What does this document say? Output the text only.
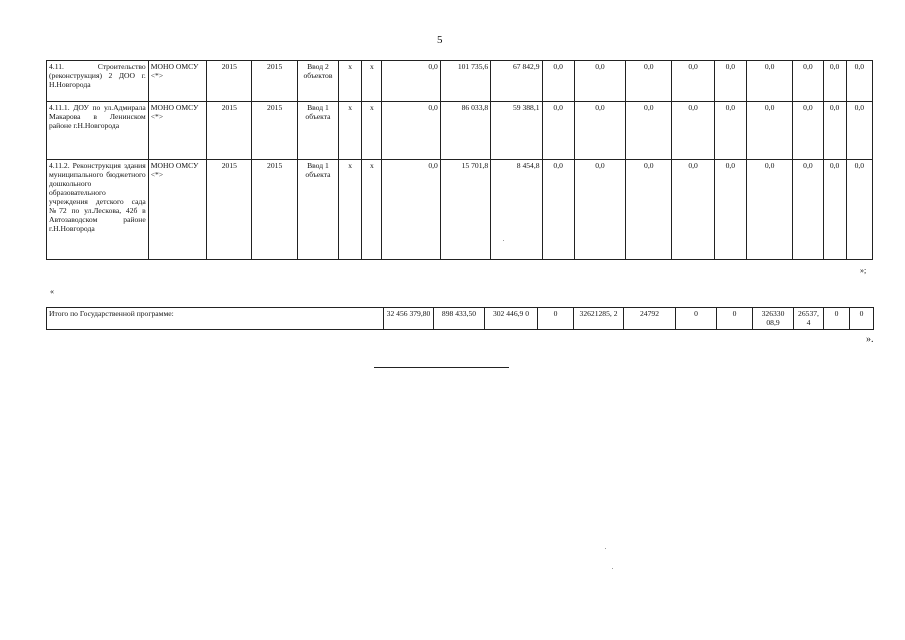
5
4.11. Строительство (реконструкция) 2 ДОО г. Н.Новгорода	МОНО ОМСУ <*>	2015	2015	Ввод 2 объектов	x	x	0,0	101 735,6	67 842,9	0,0	0,0	0,0	0,0	0,0	0,0	0,0	0,0	0,0
4.11.1. ДОУ по ул.Адмирала Макарова в Ленинском районе г.Н.Новгорода	МОНО ОМСУ <*>	2015	2015	Ввод 1 объекта	x	x	0,0	86 033,8	59 388,1	0,0	0,0	0,0	0,0	0,0	0,0	0,0	0,0	0,0
4.11.2. Реконструкция здания муниципального бюджетного дошкольного образовательного учреждения детского сада №72 по ул.Лескова, 42б в Автозаводском районе г.Н.Новгорода	МОНО ОМСУ <*>	2015	2015	Ввод 1 объекта	x	x	0,0	15 701,8	8 454,8	0,0	0,0	0,0	0,0	0,0	0,0	0,0	0,0	0,0
»;
«
Итого по Государственной программе:	32 456 379,80	898 433,50	302 446,9 0	0	32621285, 2	24792	0	0	326330 08,9	26537, 4	0	0
».
